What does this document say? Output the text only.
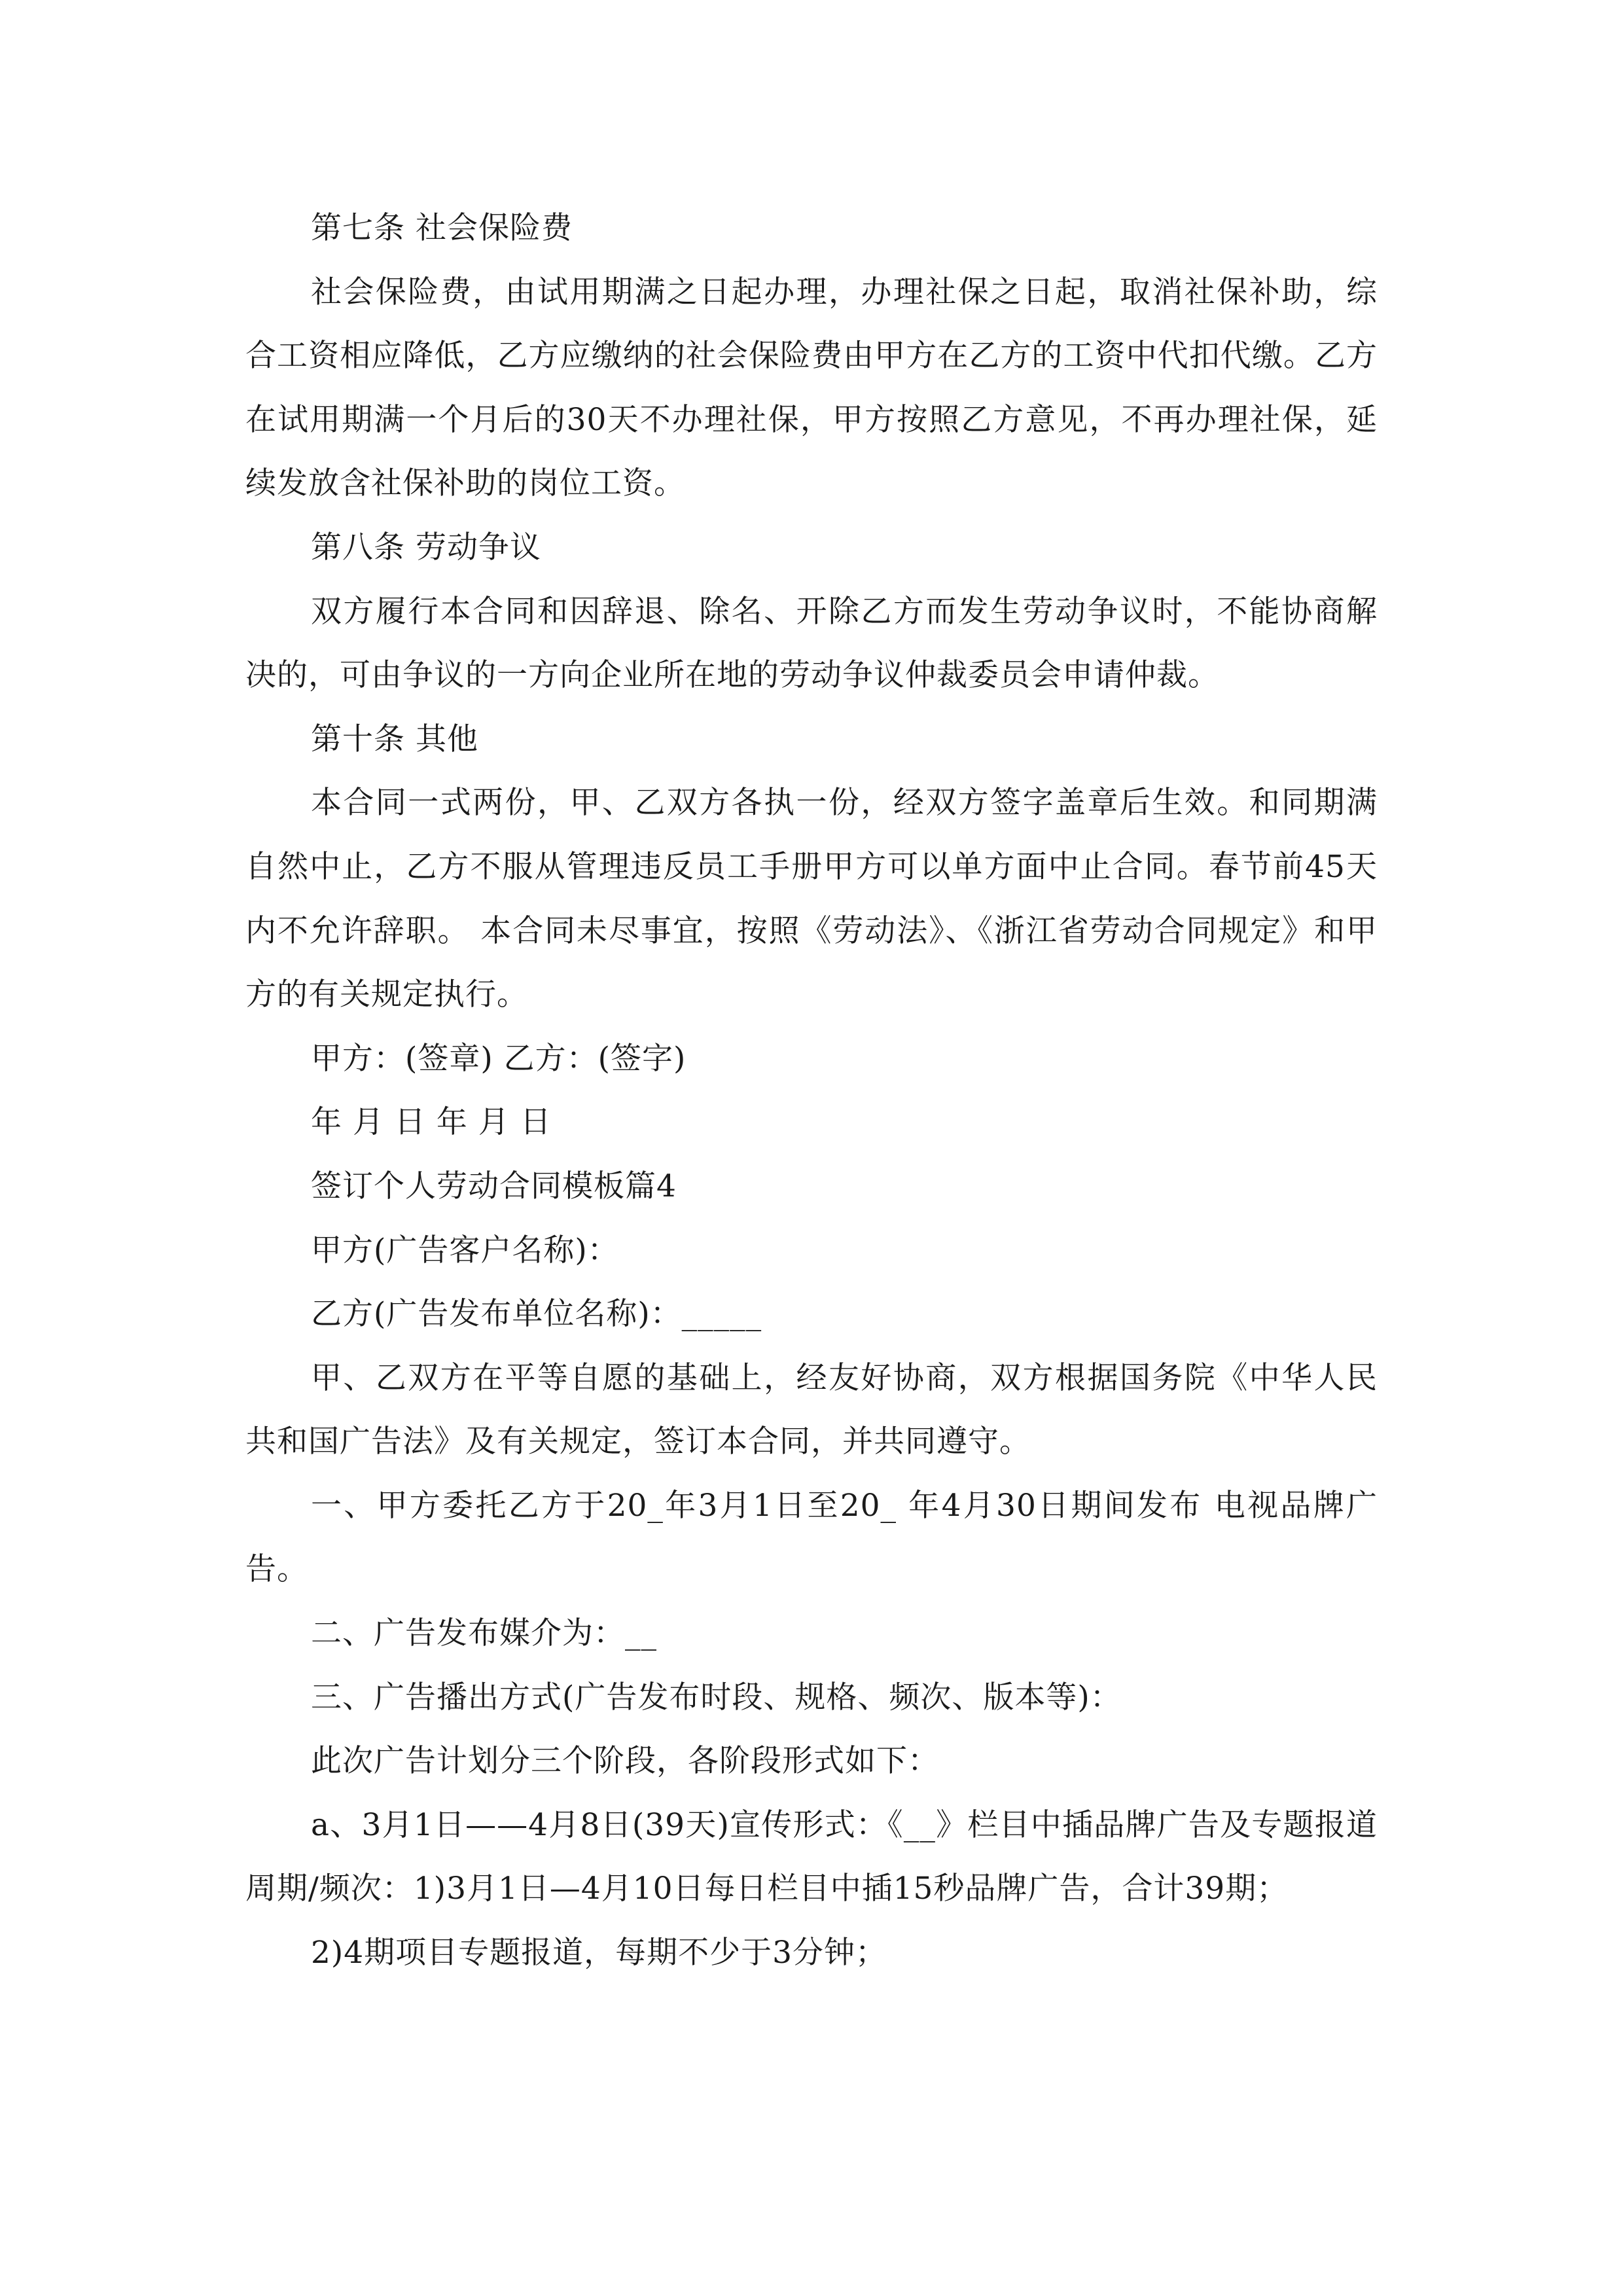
第七条 社会保险费

社会保险费，由试用期满之日起办理，办理社保之日起，取消社保补助，综合工资相应降低，乙方应缴纳的社会保险费由甲方在乙方的工资中代扣代缴。乙方在试用期满一个月后的30天不办理社保，甲方按照乙方意见，不再办理社保，延续发放含社保补助的岗位工资。

第八条 劳动争议

双方履行本合同和因辞退、除名、开除乙方而发生劳动争议时，不能协商解决的，可由争议的一方向企业所在地的劳动争议仲裁委员会申请仲裁。

第十条 其他

本合同一式两份，甲、乙双方各执一份，经双方签字盖章后生效。和同期满自然中止，乙方不服从管理违反员工手册甲方可以单方面中止合同。春节前45天内不允许辞职。 本合同未尽事宜，按照《劳动法》、《浙江省劳动合同规定》和甲方的有关规定执行。

甲方：(签章) 乙方：(签字)

年 月 日 年 月 日

签订个人劳动合同模板篇4

甲方(广告客户名称)：

乙方(广告发布单位名称)：_____

甲、乙双方在平等自愿的基础上，经友好协商，双方根据国务院《中华人民共和国广告法》及有关规定，签订本合同，并共同遵守。

一、甲方委托乙方于20_年3月1日至20_ 年4月30日期间发布 电视品牌广告。

二、广告发布媒介为：__

三、广告播出方式(广告发布时段、规格、频次、版本等)：

此次广告计划分三个阶段，各阶段形式如下：

a、3月1日——4月8日(39天)宣传形式：《__》栏目中插品牌广告及专题报道周期/频次：1)3月1日—4月10日每日栏目中插15秒品牌广告，合计39期；

2)4期项目专题报道，每期不少于3分钟；
